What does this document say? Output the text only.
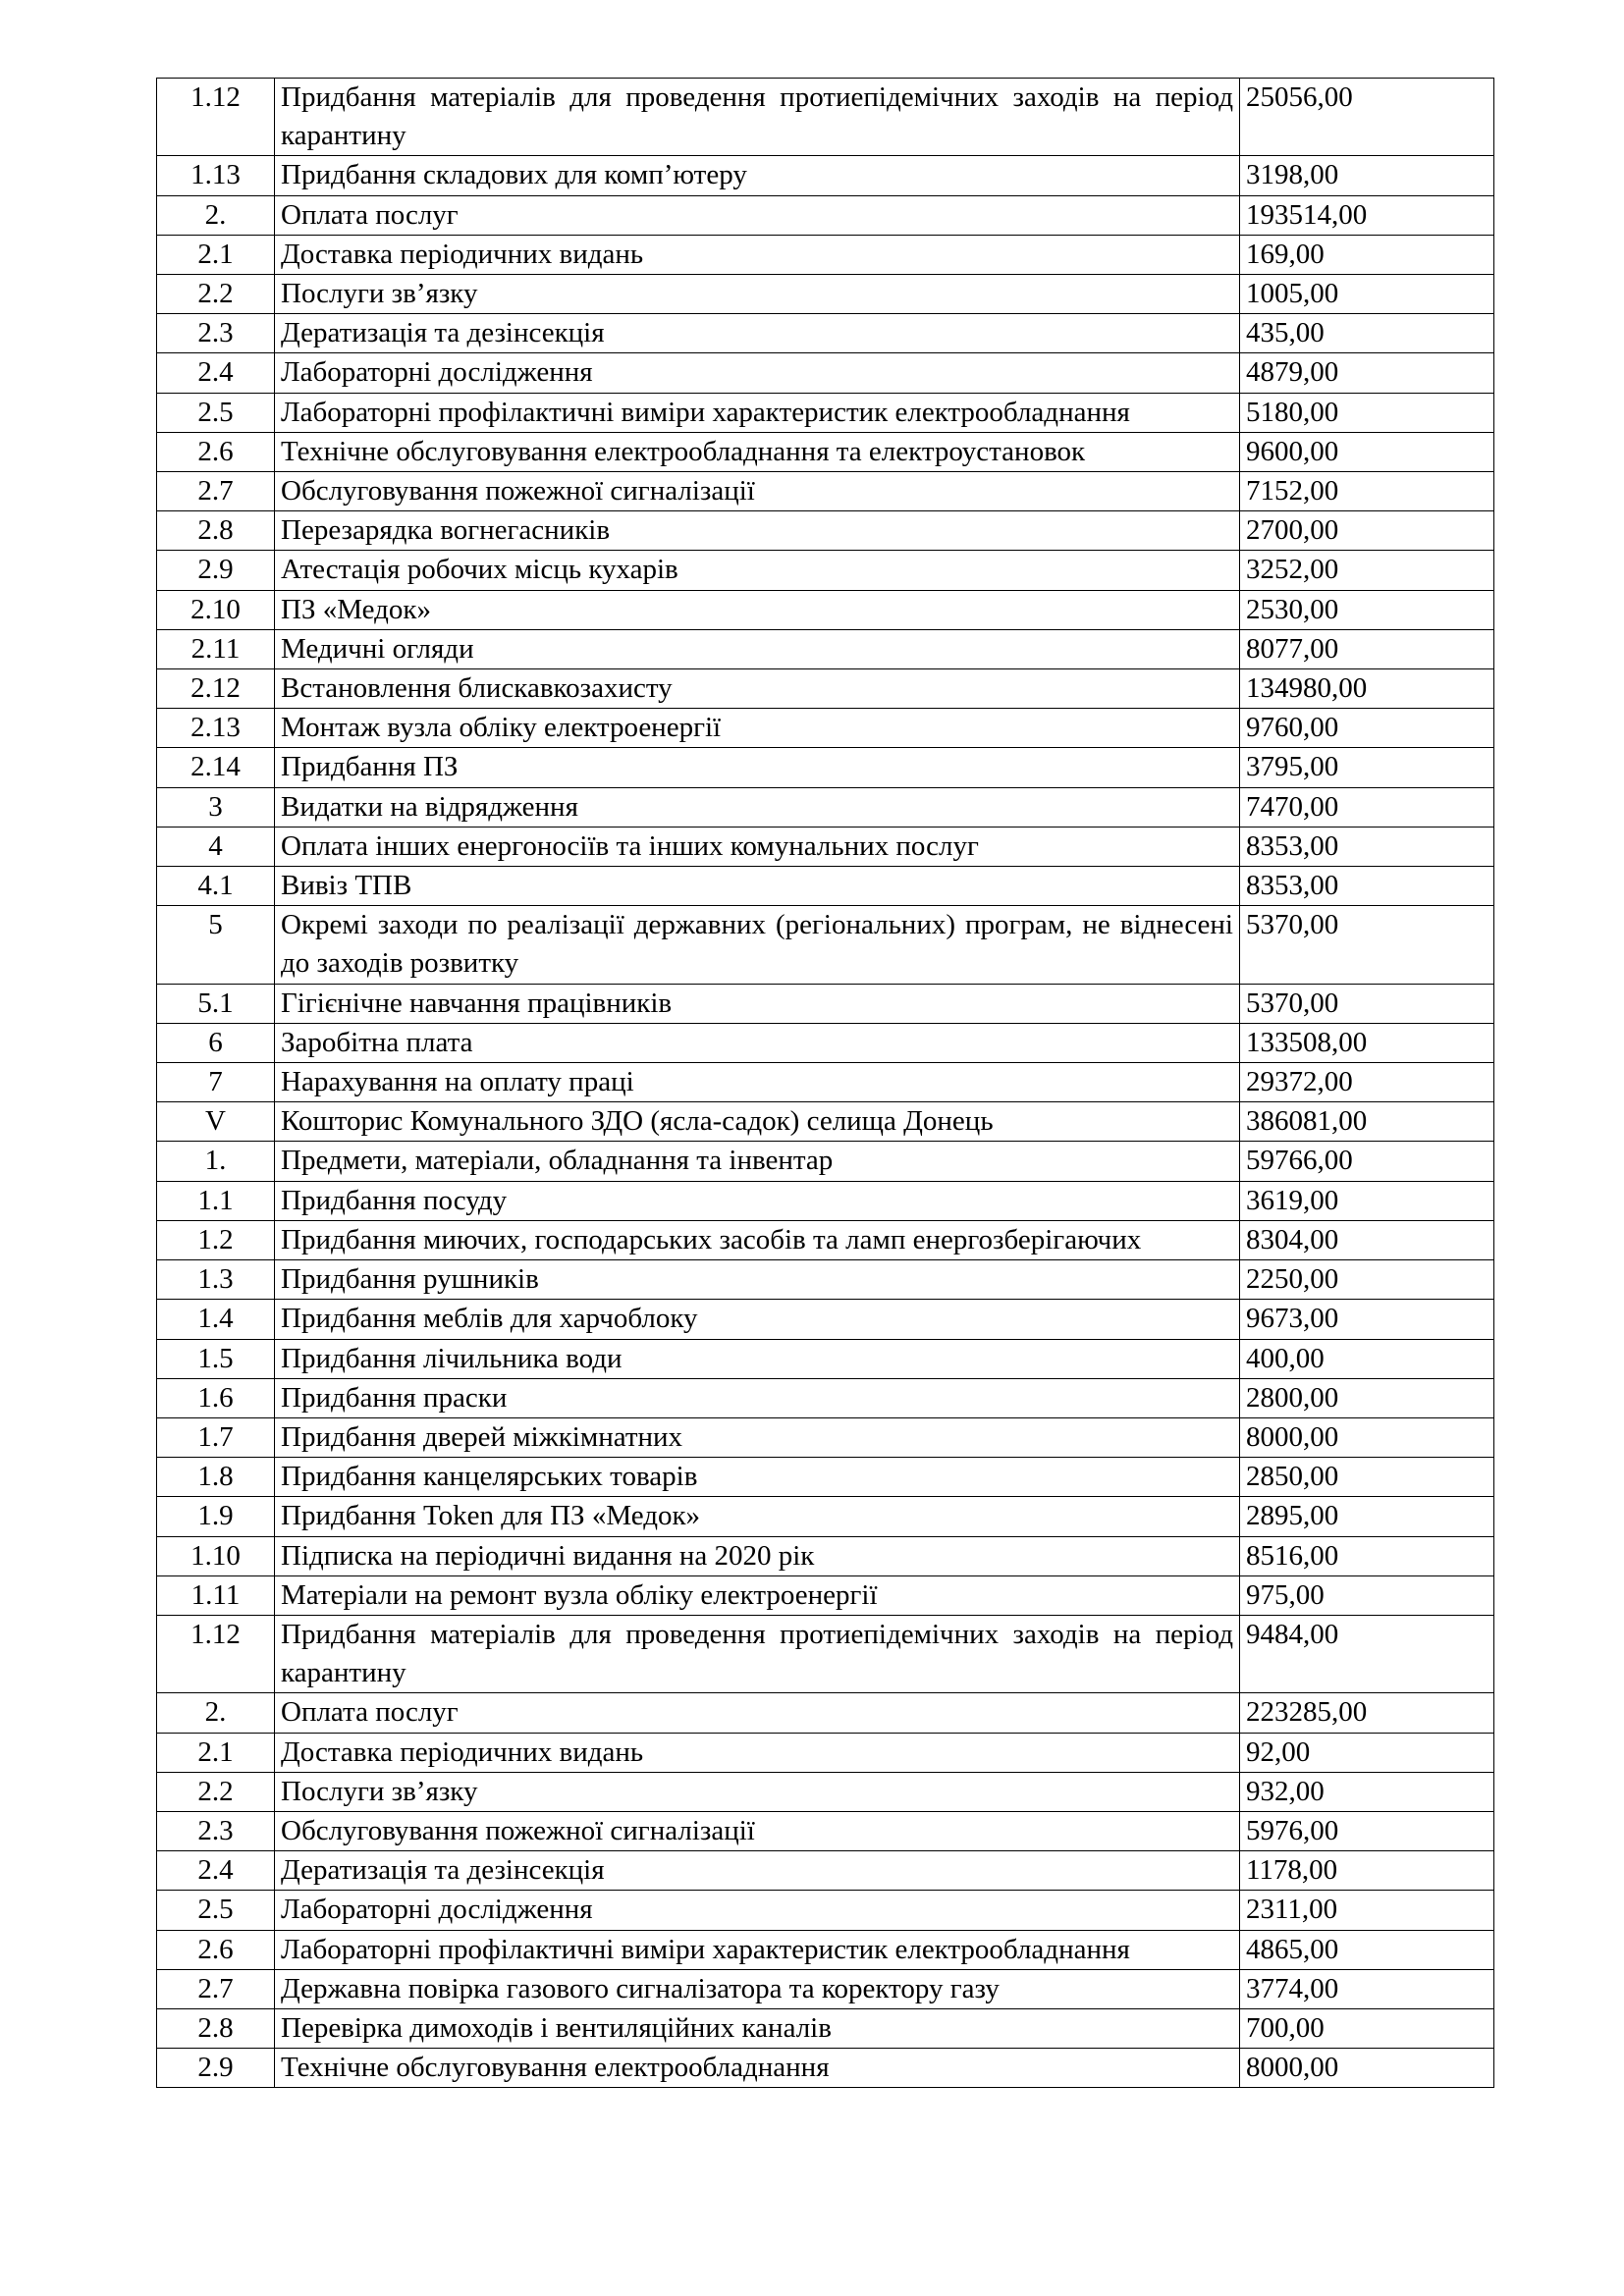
1.12	Придбання матеріалів для проведення протиепідемічних заходів на період карантину	25056,00
1.13	Придбання складових для комп’ютеру	3198,00
2.	Оплата послуг	193514,00
2.1	Доставка періодичних видань	169,00
2.2	Послуги зв’язку	1005,00
2.3	Дератизація та дезінсекція	435,00
2.4	Лабораторні дослідження	4879,00
2.5	Лабораторні профілактичні виміри характеристик електрообладнання	5180,00
2.6	Технічне обслуговування електрообладнання та електроустановок	9600,00
2.7	Обслуговування пожежної сигналізації	7152,00
2.8	Перезарядка вогнегасників	2700,00
2.9	Атестація робочих місць кухарів	3252,00
2.10	ПЗ «Медок»	2530,00
2.11	Медичні огляди	8077,00
2.12	Встановлення блискавкозахисту	134980,00
2.13	Монтаж вузла обліку електроенергії	9760,00
2.14	Придбання ПЗ	3795,00
3	Видатки на відрядження	7470,00
4	Оплата інших енергоносіїв та інших комунальних послуг	8353,00
4.1	Вивіз ТПВ	8353,00
5	Окремі заходи по реалізації державних (регіональних) програм, не віднесені до заходів розвитку	5370,00
5.1	Гігієнічне навчання працівників	5370,00
6	Заробітна плата	133508,00
7	Нарахування на оплату праці	29372,00
V	Кошторис Комунального ЗДО (ясла-садок) селища Донець	386081,00
1.	Предмети, матеріали, обладнання та інвентар	59766,00
1.1	Придбання посуду	3619,00
1.2	Придбання миючих, господарських засобів та ламп енергозберігаючих	8304,00
1.3	Придбання рушників	2250,00
1.4	Придбання меблів для харчоблоку	9673,00
1.5	Придбання лічильника води	400,00
1.6	Придбання праски	2800,00
1.7	Придбання дверей міжкімнатних	8000,00
1.8	Придбання канцелярських товарів	2850,00
1.9	Придбання Token для ПЗ «Медок»	2895,00
1.10	Підписка на періодичні видання на 2020 рік	8516,00
1.11	Матеріали на ремонт вузла обліку електроенергії	975,00
1.12	Придбання матеріалів для проведення протиепідемічних заходів на період карантину	9484,00
2.	Оплата послуг	223285,00
2.1	Доставка періодичних видань	92,00
2.2	Послуги зв’язку	932,00
2.3	Обслуговування пожежної сигналізації	5976,00
2.4	Дератизація та дезінсекція	1178,00
2.5	Лабораторні дослідження	2311,00
2.6	Лабораторні профілактичні виміри характеристик електрообладнання	4865,00
2.7	Державна повірка газового сигналізатора та коректору газу	3774,00
2.8	Перевірка димоходів і вентиляційних каналів	700,00
2.9	Технічне обслуговування електрообладнання	8000,00
